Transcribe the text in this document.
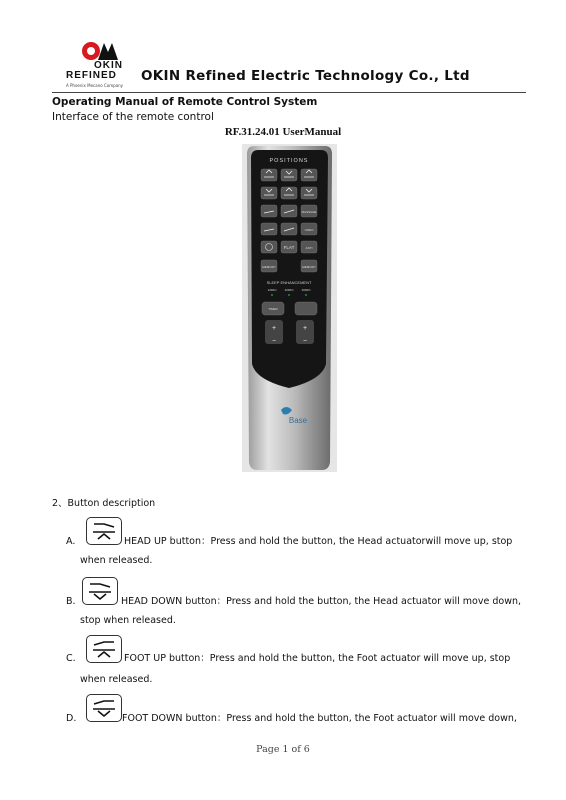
OKIN
REFINED
A Phoenix Mecano Company
OKIN Refined Electric Technology Co., Ltd
Operating Manual of Remote Control System
Interface of the remote control
RF.31.24.01 UserManual
POSITIONS
MASSAGE
UNDO
FLAT	ANTI
MEMORY	MEMORY
SLEEP ENHANCEMENT
10MIN	20MIN	30MIN
TIMER
+
−
+
−
Base
2、Button description
A.	HEAD UP button：Press and hold the button, the Head actuatorwill move up, stop
when released.
B.	HEAD DOWN button：Press and hold the button, the Head actuator will move down,
stop when released.
C.	FOOT UP button：Press and hold the button, the Foot actuator will move up, stop
when released.
D.	FOOT DOWN button：Press and hold the button, the Foot actuator will move down,
Page 1 of 6
